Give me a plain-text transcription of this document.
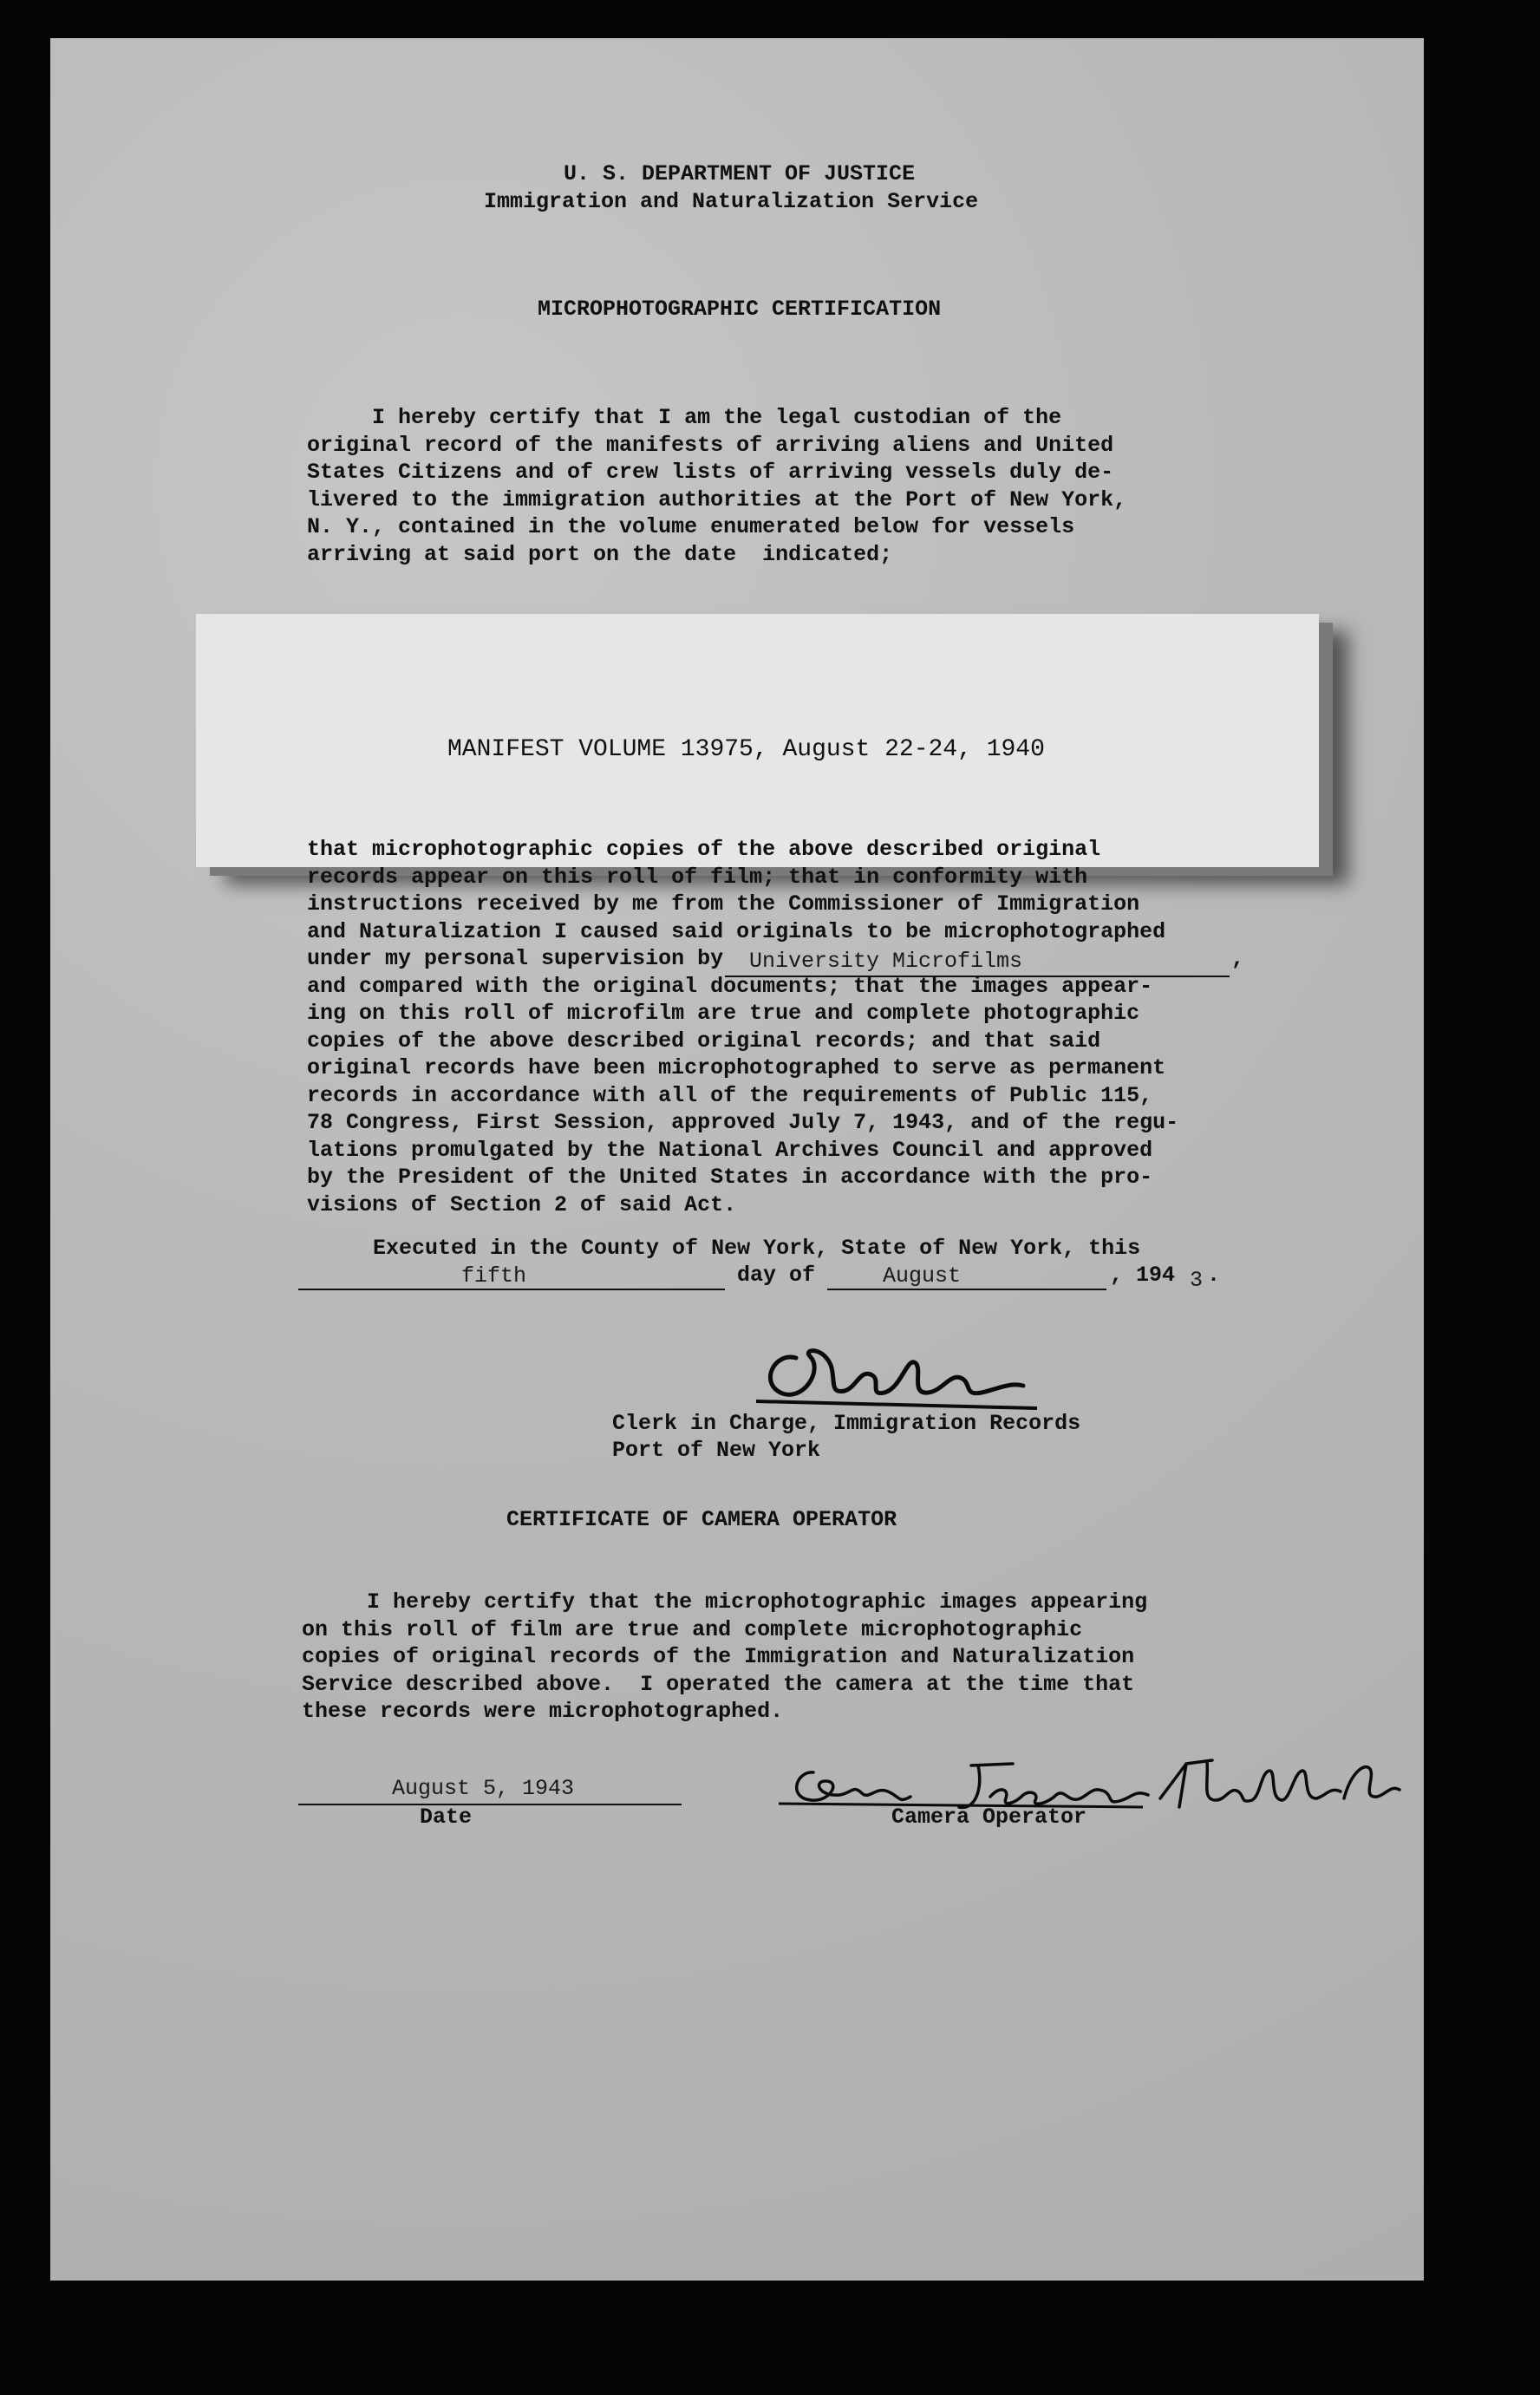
U. S. DEPARTMENT OF JUSTICE
Immigration and Naturalization Service
MICROPHOTOGRAPHIC CERTIFICATION
I hereby certify that I am the legal custodian of the
original record of the manifests of arriving aliens and United
States Citizens and of crew lists of arriving vessels duly de-
livered to the immigration authorities at the Port of New York,
N. Y., contained in the volume enumerated below for vessels
arriving at said port on the date  indicated;
MANIFEST VOLUME 13975, August 22-24, 1940
that microphotographic copies of the above described original
records appear on this roll of film; that in conformity with
instructions received by me from the Commissioner of Immigration
and Naturalization I caused said originals to be microphotographed
under my personal supervision by
and compared with the original documents; that the images appear-
ing on this roll of microfilm are true and complete photographic
copies of the above described original records; and that said
original records have been microphotographed to serve as permanent
records in accordance with all of the requirements of Public 115,
78 Congress, First Session, approved July 7, 1943, and of the regu-
lations promulgated by the National Archives Council and approved
by the President of the United States in accordance with the pro-
visions of Section 2 of said Act.
University Microfilms	,
Executed in the County of New York, State of New York, this
fifth	day of	August	, 194 3 .
Clerk in Charge, Immigration Records
Port of New York
CERTIFICATE OF CAMERA OPERATOR
I hereby certify that the microphotographic images appearing
on this roll of film are true and complete microphotographic
copies of original records of the Immigration and Naturalization
Service described above.  I operated the camera at the time that
these records were microphotographed.
August 5, 1943
Date	Camera Operator
